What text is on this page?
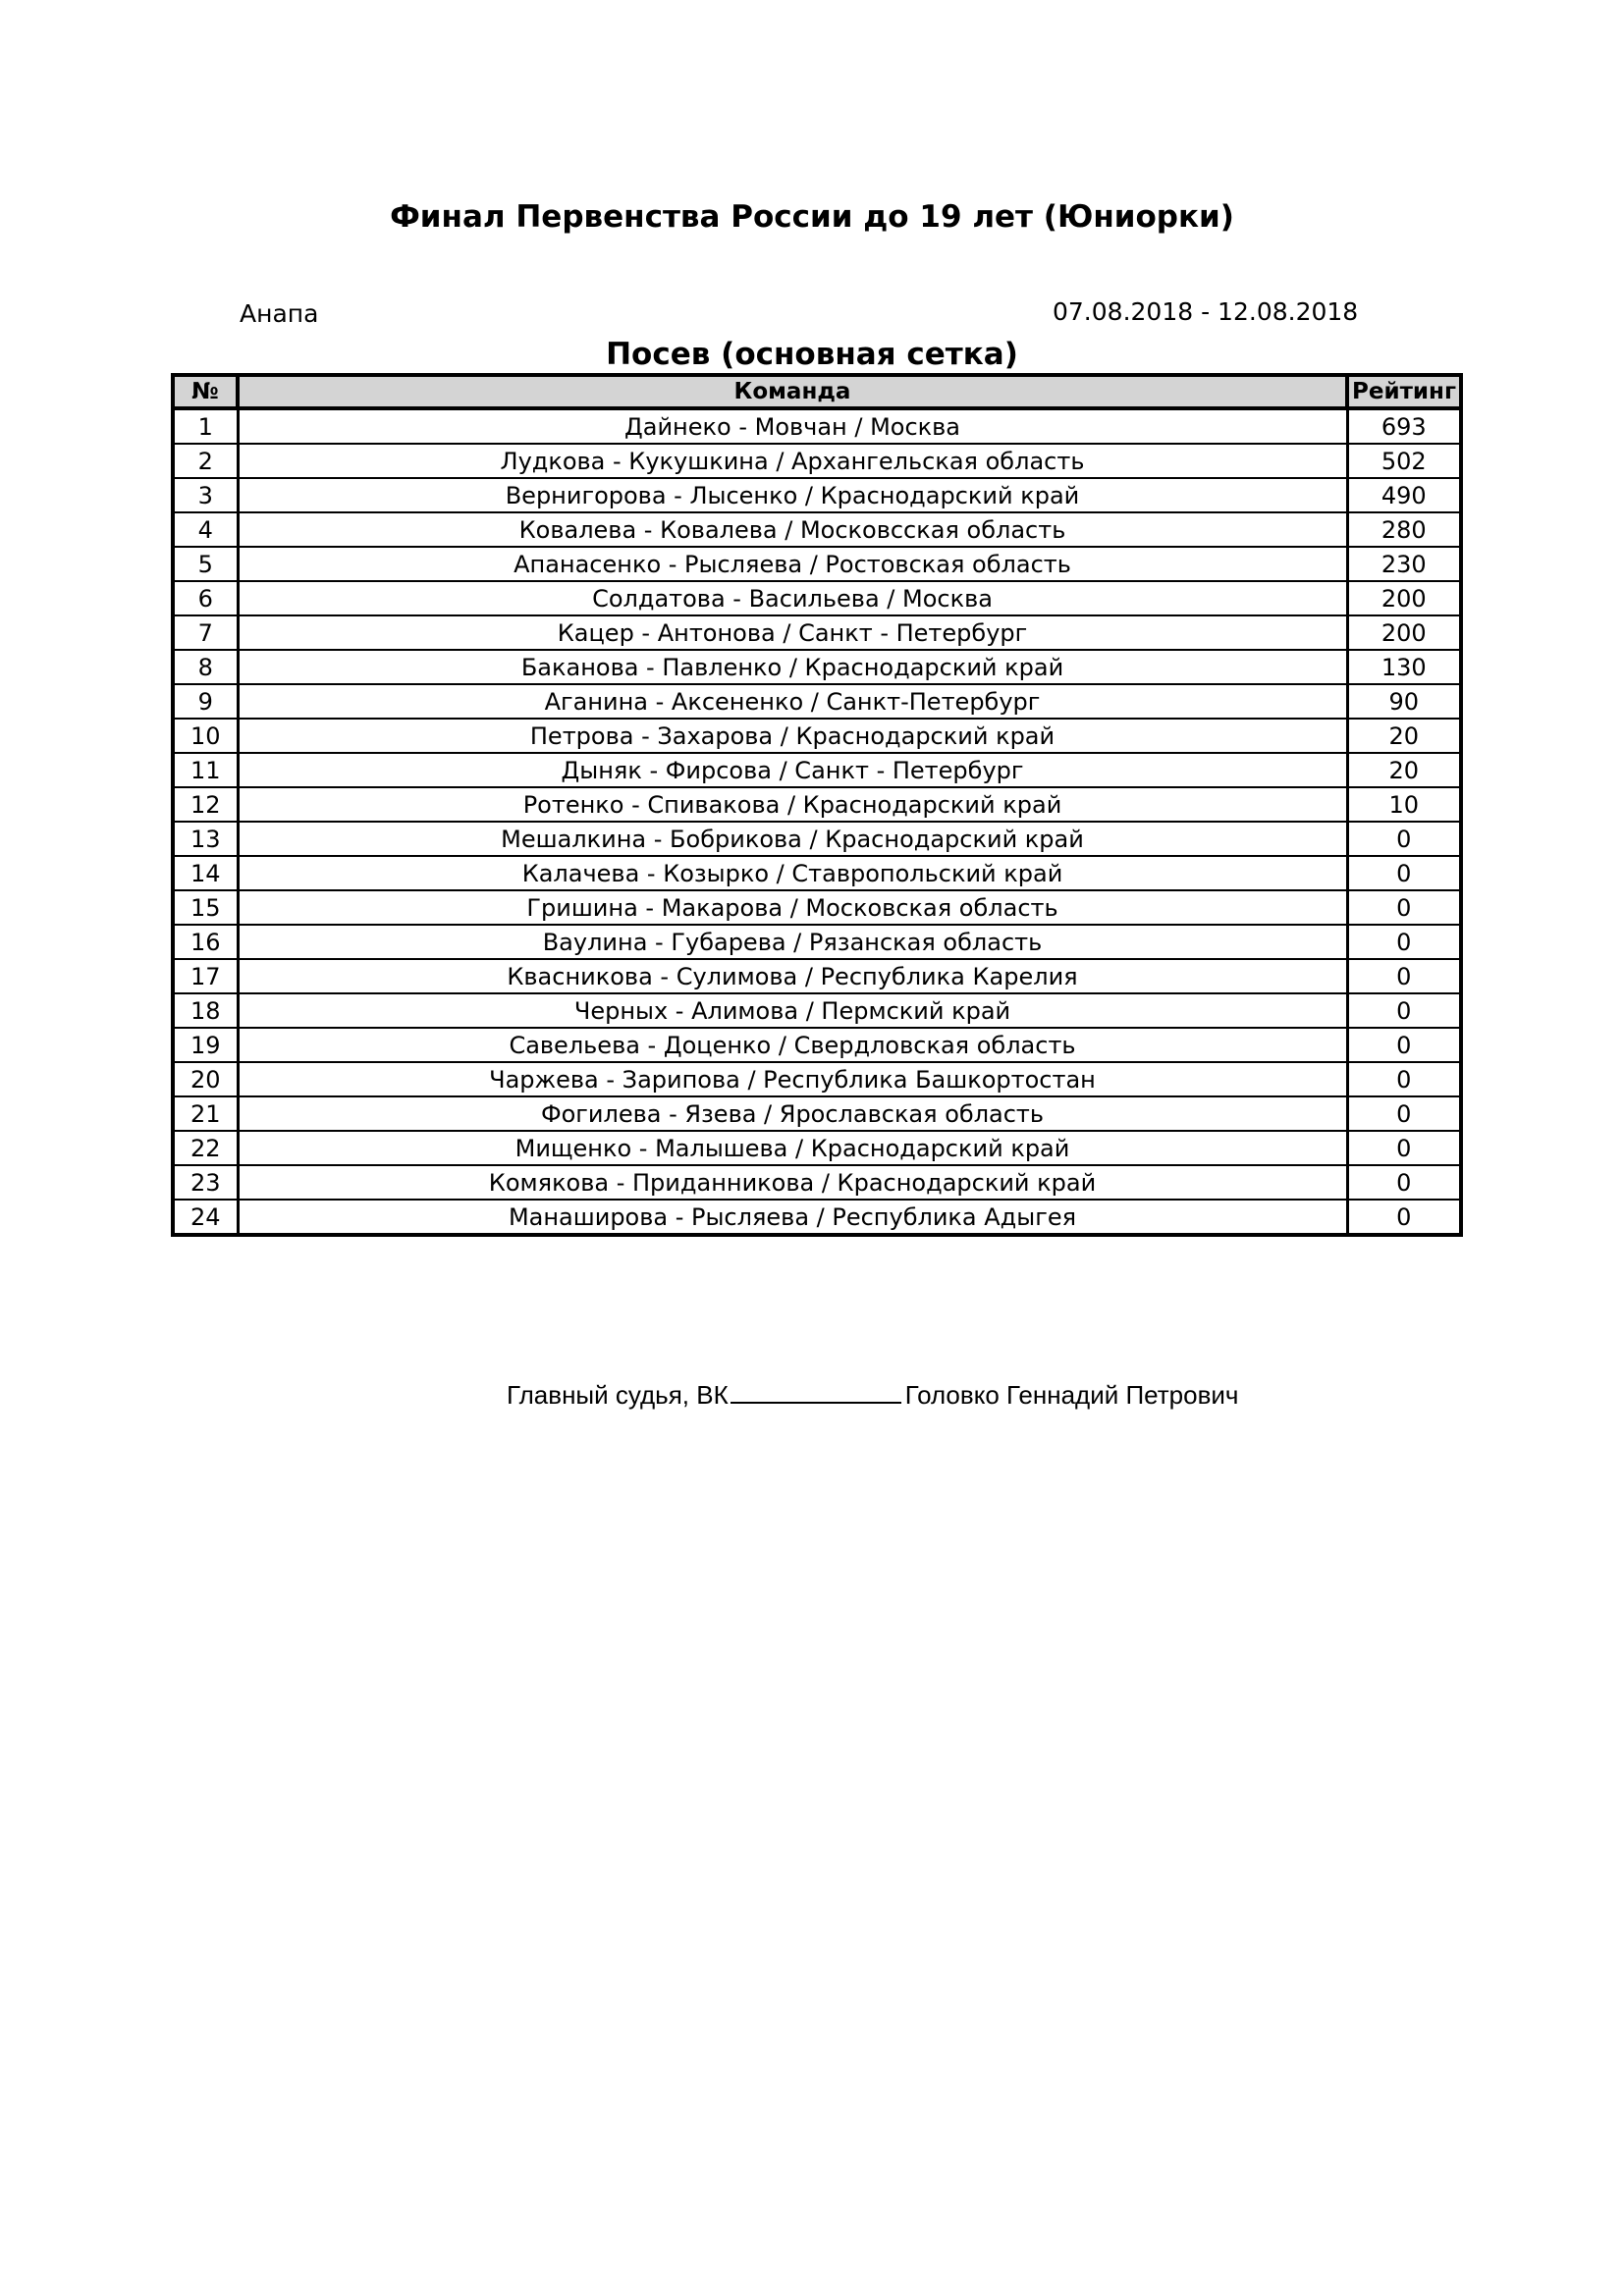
Финал Первенства России до 19 лет (Юниорки)
Анапа	07.08.2018 - 12.08.2018
Посев (основная сетка)
№	Команда	Рейтинг
1	Дайнеко - Мовчан / Москва	693
2	Лудкова - Кукушкина / Архангельская область	502
3	Вернигорова - Лысенко / Краснодарский край	490
4	Ковалева - Ковалева / Московсская область	280
5	Апанасенко - Рысляева / Ростовская область	230
6	Солдатова - Васильева / Москва	200
7	Кацер - Антонова / Санкт - Петербург	200
8	Баканова - Павленко / Краснодарский край	130
9	Аганина - Аксененко / Санкт-Петербург	90
10	Петрова - Захарова / Краснодарский край	20
11	Дыняк - Фирсова / Санкт - Петербург	20
12	Ротенко - Спивакова / Краснодарский край	10
13	Мешалкина - Бобрикова / Краснодарский край	0
14	Калачева - Козырко / Ставропольский край	0
15	Гришина - Макарова / Московская область	0
16	Ваулина - Губарева / Рязанская область	0
17	Квасникова - Сулимова / Республика Карелия	0
18	Черных - Алимова / Пермский край	0
19	Савельева - Доценко / Свердловская область	0
20	Чаржева - Зарипова / Республика Башкортостан	0
21	Фогилева - Язева / Ярославская область	0
22	Мищенко - Малышева / Краснодарский край	0
23	Комякова - Приданникова / Краснодарский край	0
24	Манаширова - Рысляева / Республика Адыгея	0
Главный судья, ВК	Головко Геннадий Петрович
